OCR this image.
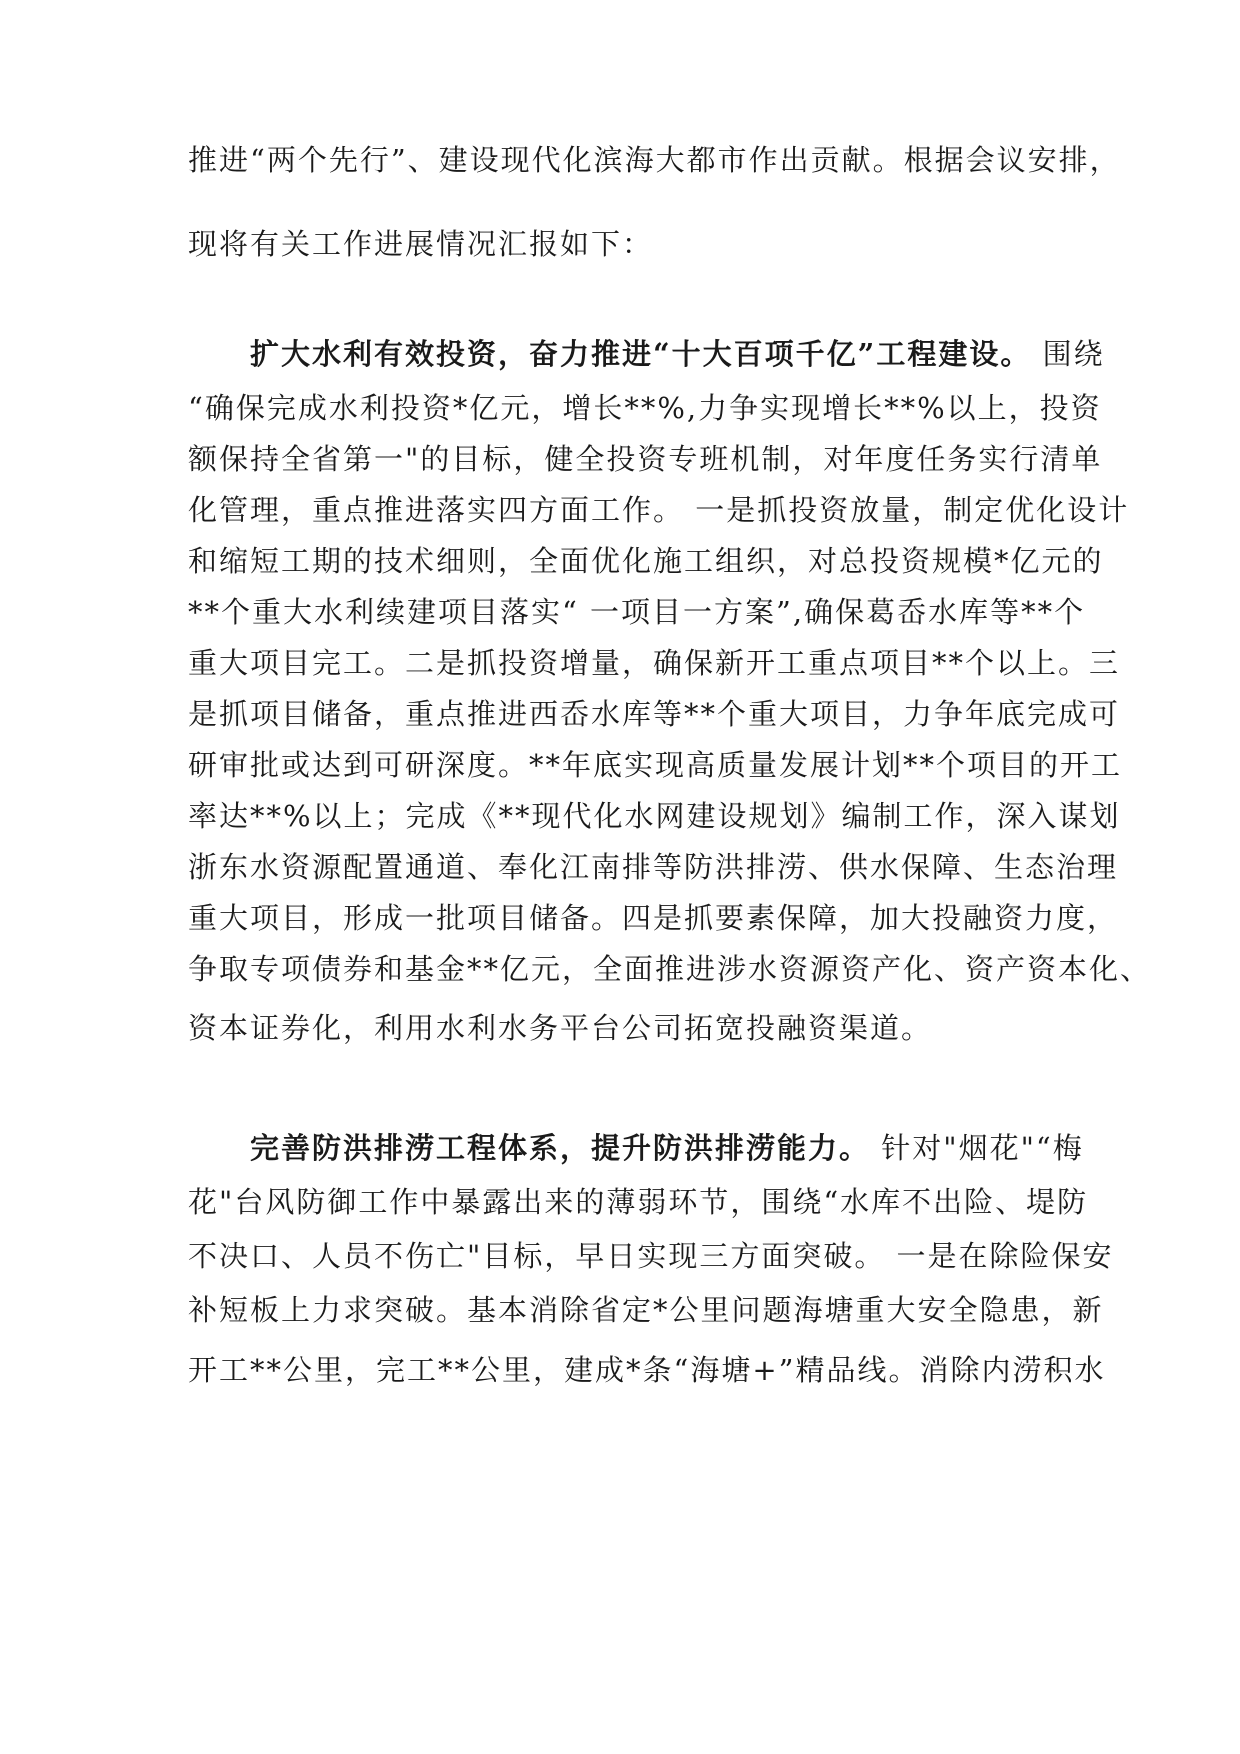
推进“两个先行”、建设现代化滨海大都市作出贡献。根据会议安排，
现将有关工作进展情况汇报如下：
扩大水利有效投资，奋力推进“十大百项千亿”工程建设。 围绕
“确保完成水利投资*亿元，增长**%,力争实现增长**%以上，投资
额保持全省第一"的目标，健全投资专班机制，对年度任务实行清单
化管理，重点推进落实四方面工作。 一是抓投资放量，制定优化设计
和缩短工期的技术细则，全面优化施工组织，对总投资规模*亿元的
**个重大水利续建项目落实“ 一项目一方案”,确保葛岙水库等**个
重大项目完工。二是抓投资增量，确保新开工重点项目**个以上。三
是抓项目储备，重点推进西岙水库等**个重大项目，力争年底完成可
研审批或达到可研深度。**年底实现高质量发展计划**个项目的开工
率达**%以上；完成《**现代化水网建设规划》编制工作，深入谋划
浙东水资源配置通道、奉化江南排等防洪排涝、供水保障、生态治理
重大项目，形成一批项目储备。四是抓要素保障，加大投融资力度，
争取专项债券和基金**亿元，全面推进涉水资源资产化、资产资本化、
资本证券化，利用水利水务平台公司拓宽投融资渠道。
完善防洪排涝工程体系，提升防洪排涝能力。 针对"烟花"“梅
花"台风防御工作中暴露出来的薄弱环节，围绕“水库不出险、堤防
不决口、人员不伤亡"目标，早日实现三方面突破。 一是在除险保安
补短板上力求突破。基本消除省定*公里问题海塘重大安全隐患，新
开工**公里，完工**公里，建成*条“海塘+”精品线。消除内涝积水
